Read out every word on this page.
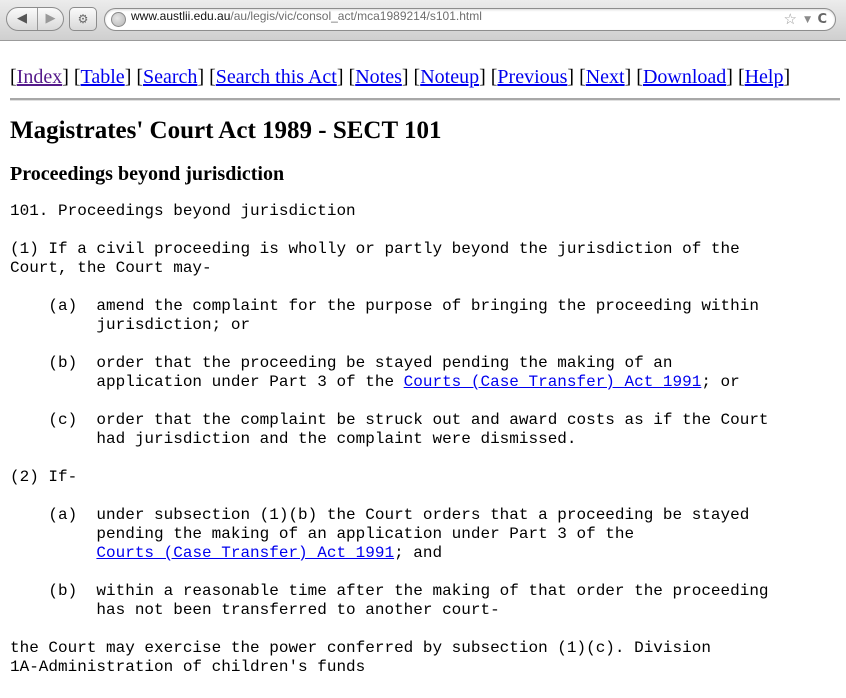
◀	▶	⚙	www.austlii.edu.au/au/legis/vic/consol_act/mca1989214/s101.html	☆ ▼ C

[Index] [Table] [Search] [Search this Act] [Notes] [Noteup] [Previous] [Next] [Download] [Help]

Magistrates' Court Act 1989 - SECT 101
Proceedings beyond jurisdiction
101. Proceedings beyond jurisdiction

(1) If a civil proceeding is wholly or partly beyond the jurisdiction of the
Court, the Court may-

(a)  amend the complaint for the purpose of bringing the proceeding within
jurisdiction; or

(b)  order that the proceeding be stayed pending the making of an
application under Part 3 of the Courts (Case Transfer) Act 1991; or

(c)  order that the complaint be struck out and award costs as if the Court
had jurisdiction and the complaint were dismissed.

(2) If-

(a)  under subsection (1)(b) the Court orders that a proceeding be stayed
pending the making of an application under Part 3 of the
Courts (Case Transfer) Act 1991; and

(b)  within a reasonable time after the making of that order the proceeding
has not been transferred to another court-

the Court may exercise the power conferred by subsection (1)(c). Division
1A-Administration of children's funds
